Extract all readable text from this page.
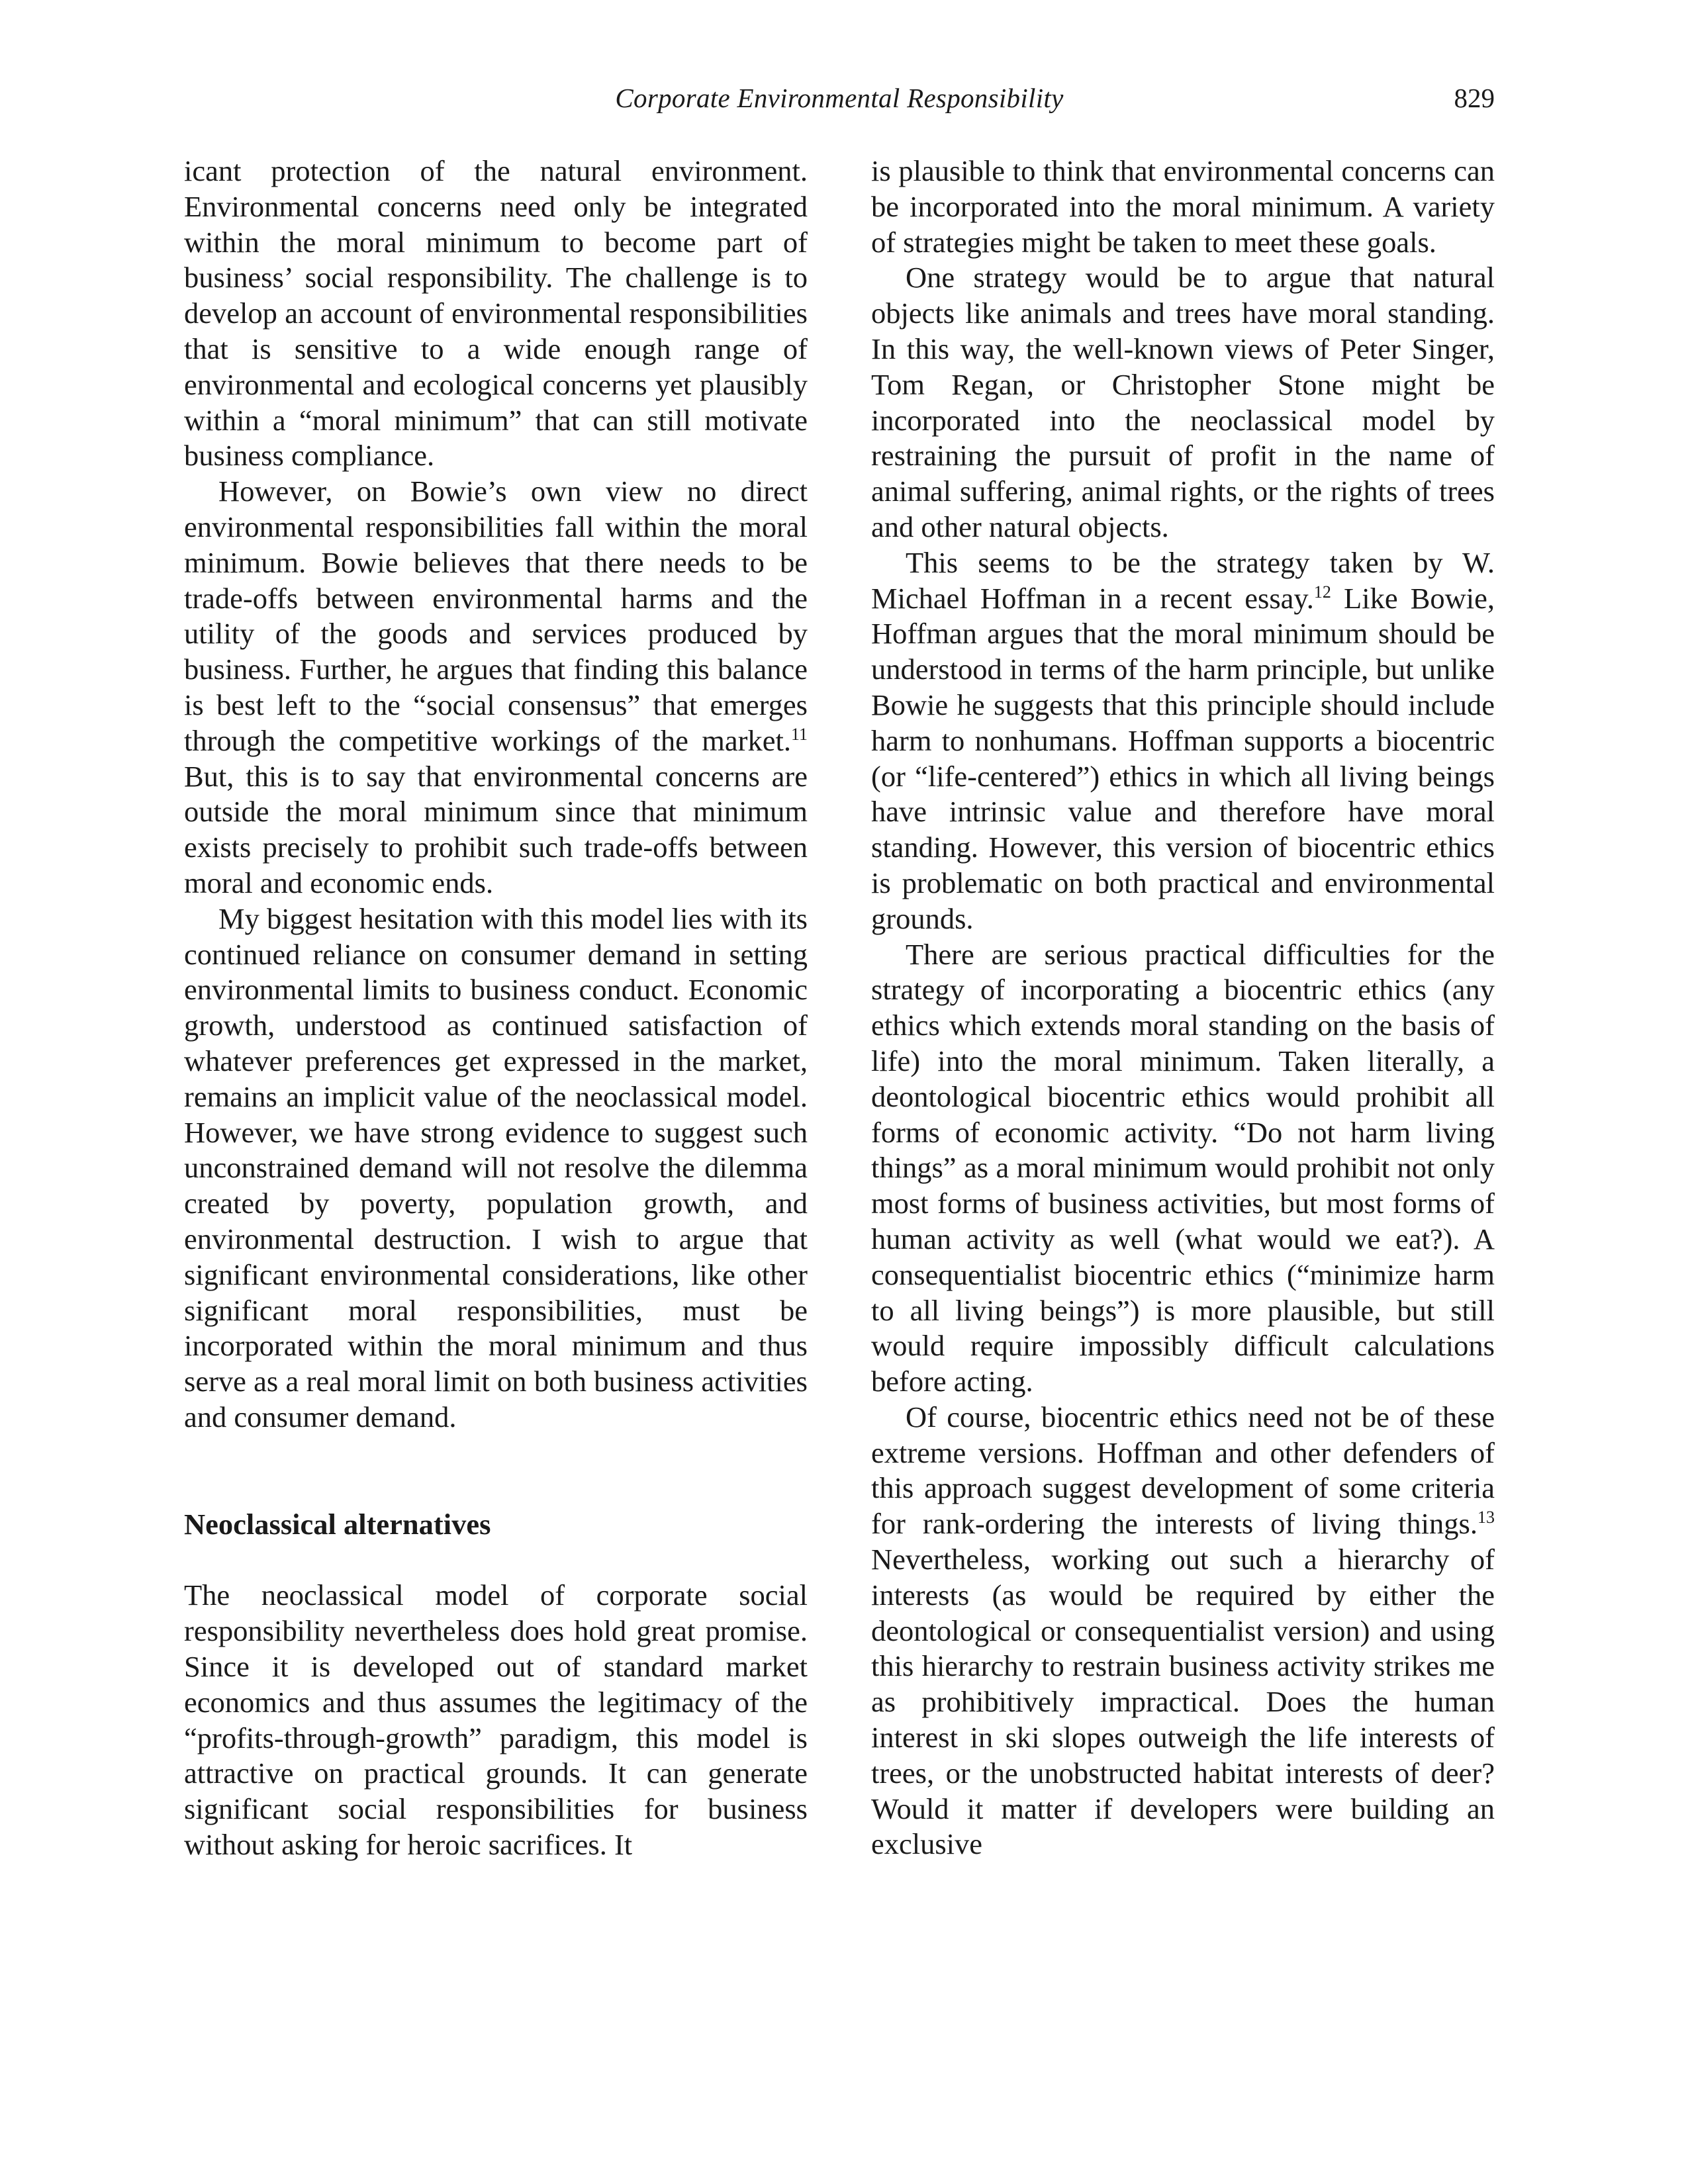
Corporate Environmental Responsibility	829

icant protection of the natural environment. Environmental concerns need only be integrated within the moral minimum to become part of business’ social responsibility. The challenge is to develop an account of environmental responsibilities that is sensitive to a wide enough range of environmental and ecological concerns yet plausibly within a “moral minimum” that can still motivate business compliance.

However, on Bowie’s own view no direct environmental responsibilities fall within the moral minimum. Bowie believes that there needs to be trade-offs between environmental harms and the utility of the goods and services produced by business. Further, he argues that finding this balance is best left to the “social consensus” that emerges through the competitive workings of the market.$^{11}$ But, this is to say that environmental concerns are outside the moral minimum since that minimum exists precisely to prohibit such trade-offs between moral and economic ends.

My biggest hesitation with this model lies with its continued reliance on consumer demand in setting environmental limits to business conduct. Economic growth, understood as continued satisfaction of whatever preferences get expressed in the market, remains an implicit value of the neoclassical model. However, we have strong evidence to suggest such unconstrained demand will not resolve the dilemma created by poverty, population growth, and environmental destruction. I wish to argue that significant environmental considerations, like other significant moral responsibilities, must be incorporated within the moral minimum and thus serve as a real moral limit on both business activities and consumer demand.

Neoclassical alternatives

The neoclassical model of corporate social responsibility nevertheless does hold great promise. Since it is developed out of standard market economics and thus assumes the legitimacy of the “profits-through-growth” paradigm, this model is attractive on practical grounds. It can generate significant social responsibilities for business without asking for heroic sacrifices. It

is plausible to think that environmental concerns can be incorporated into the moral minimum. A variety of strategies might be taken to meet these goals.

One strategy would be to argue that natural objects like animals and trees have moral standing. In this way, the well-known views of Peter Singer, Tom Regan, or Christopher Stone might be incorporated into the neoclassical model by restraining the pursuit of profit in the name of animal suffering, animal rights, or the rights of trees and other natural objects.

This seems to be the strategy taken by W. Michael Hoffman in a recent essay.$^{12}$ Like Bowie, Hoffman argues that the moral minimum should be understood in terms of the harm principle, but unlike Bowie he suggests that this principle should include harm to nonhumans. Hoffman supports a biocentric (or “life-centered”) ethics in which all living beings have intrinsic value and therefore have moral standing. However, this version of biocentric ethics is problematic on both practical and environmental grounds.

There are serious practical difficulties for the strategy of incorporating a biocentric ethics (any ethics which extends moral standing on the basis of life) into the moral minimum. Taken literally, a deontological biocentric ethics would prohibit all forms of economic activity. “Do not harm living things” as a moral minimum would prohibit not only most forms of business activities, but most forms of human activity as well (what would we eat?). A consequentialist biocentric ethics (“minimize harm to all living beings”) is more plausible, but still would require impossibly difficult calculations before acting.

Of course, biocentric ethics need not be of these extreme versions. Hoffman and other defenders of this approach suggest development of some criteria for rank-ordering the interests of living things.$^{13}$ Nevertheless, working out such a hierarchy of interests (as would be required by either the deontological or consequentialist version) and using this hierarchy to restrain business activity strikes me as prohibitively impractical. Does the human interest in ski slopes outweigh the life interests of trees, or the unobstructed habitat interests of deer? Would it matter if developers were building an exclusive
